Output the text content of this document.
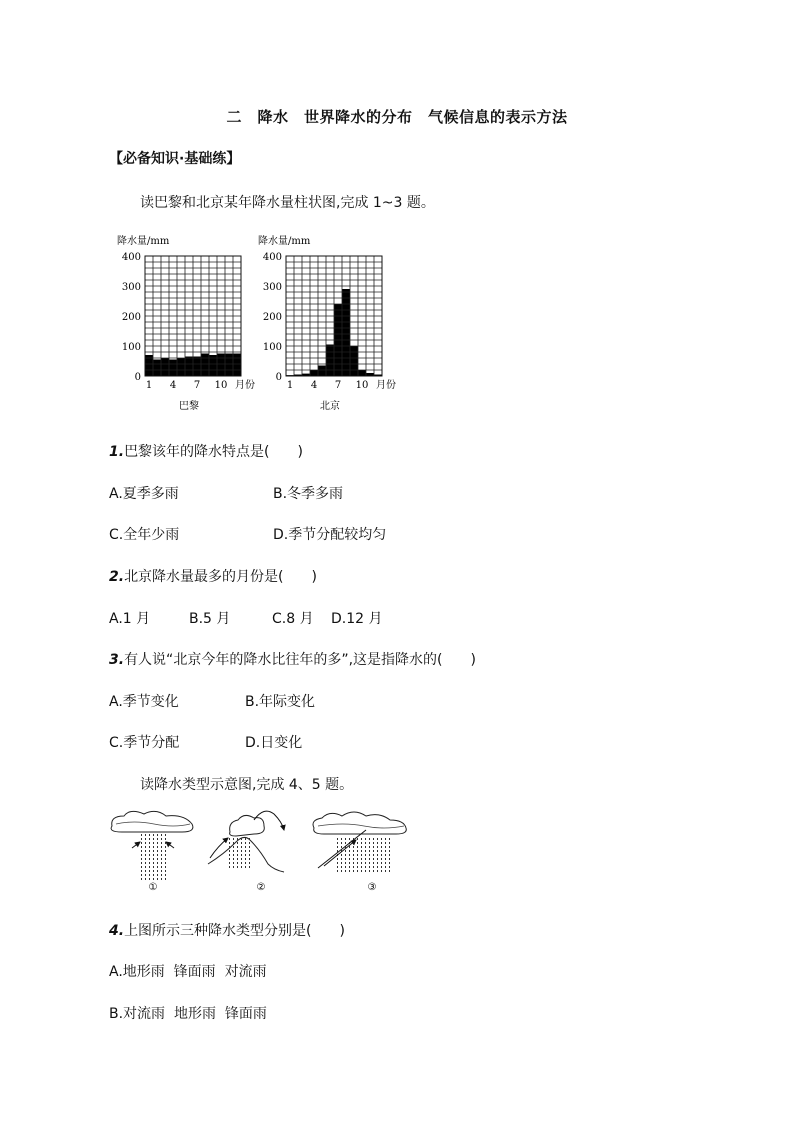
二　降水　世界降水的分布　气候信息的表示方法
【必备知识·基础练】
读巴黎和北京某年降水量柱状图,完成 1~3 题。
0
100
200
300
400
1 4 7 10
降水量/mm
月份
巴黎
0
100
200
300
400
1 4 7 10
降水量/mm
月份
北京
1.巴黎该年的降水特点是(　　)
A.夏季多雨	B.冬季多雨
C.全年少雨	D.季节分配较均匀
2.北京降水量最多的月份是(　　)
A.1 月	B.5 月	C.8 月 D.12 月
3.有人说“北京今年的降水比往年的多”,这是指降水的(　　)
A.季节变化	B.年际变化
C.季节分配	D.日变化
读降水类型示意图,完成 4、5 题。
①	②	③
4.上图所示三种降水类型分别是(　　)
A.地形雨  锋面雨  对流雨
B.对流雨  地形雨  锋面雨
